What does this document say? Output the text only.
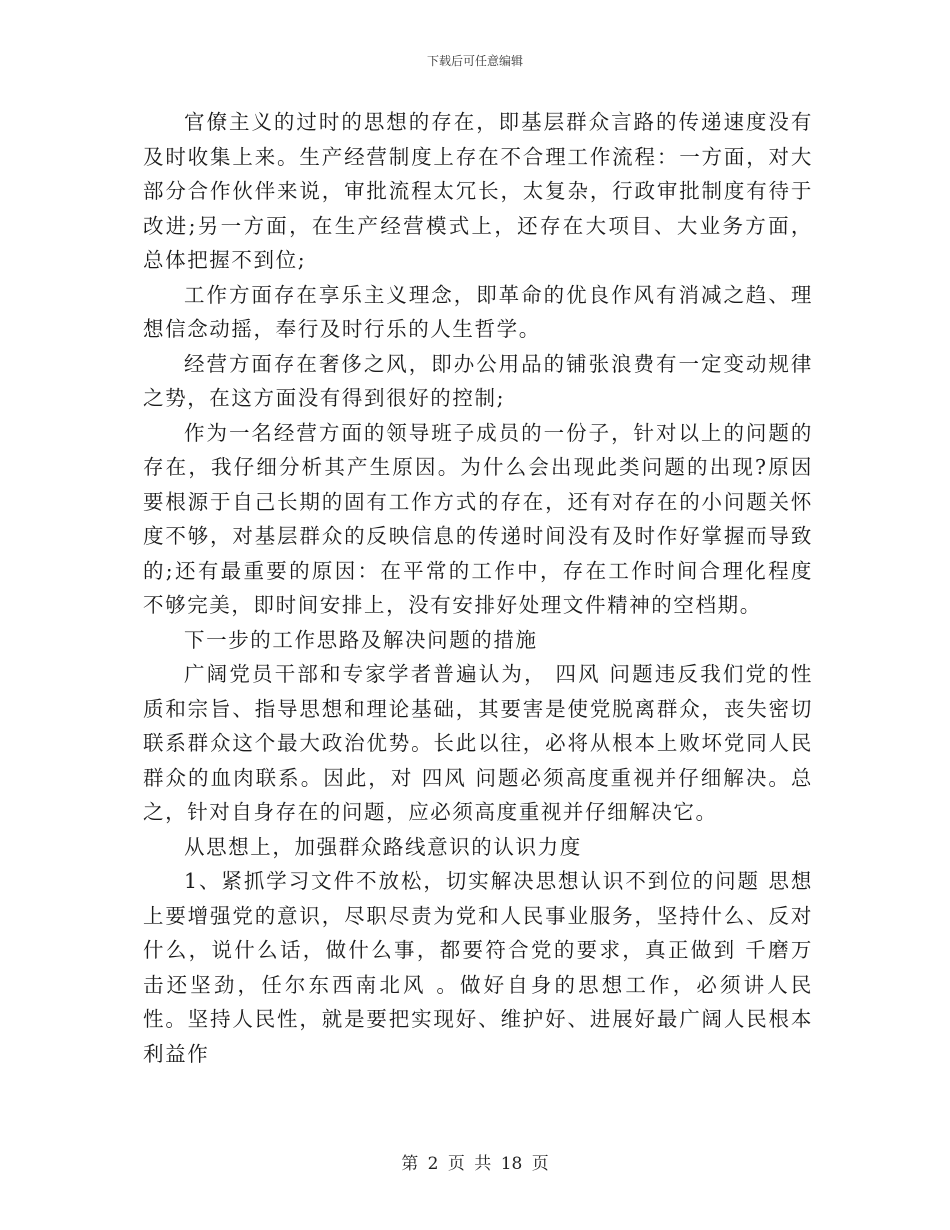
下载后可任意编辑

官僚主义的过时的思想的存在，即基层群众言路的传递速度没有及时收集上来。生产经营制度上存在不合理工作流程：一方面，对大部分合作伙伴来说，审批流程太冗长，太复杂，行政审批制度有待于改进;另一方面，在生产经营模式上，还存在大项目、大业务方面，总体把握不到位;

工作方面存在享乐主义理念，即革命的优良作风有消减之趋、理想信念动摇，奉行及时行乐的人生哲学。

经营方面存在奢侈之风，即办公用品的铺张浪费有一定变动规律之势，在这方面没有得到很好的控制;

作为一名经营方面的领导班子成员的一份子，针对以上的问题的存在，我仔细分析其产生原因。为什么会出现此类问题的出现?原因要根源于自己长期的固有工作方式的存在，还有对存在的小问题关怀度不够，对基层群众的反映信息的传递时间没有及时作好掌握而导致的;还有最重要的原因：在平常的工作中，存在工作时间合理化程度不够完美，即时间安排上，没有安排好处理文件精神的空档期。

下一步的工作思路及解决问题的措施

广阔党员干部和专家学者普遍认为， 四风 问题违反我们党的性质和宗旨、指导思想和理论基础，其要害是使党脱离群众，丧失密切联系群众这个最大政治优势。长此以往，必将从根本上败坏党同人民群众的血肉联系。因此，对 四风 问题必须高度重视并仔细解决。总之，针对自身存在的问题，应必须高度重视并仔细解决它。

从思想上，加强群众路线意识的认识力度

1、紧抓学习文件不放松，切实解决思想认识不到位的问题 思想上要增强党的意识，尽职尽责为党和人民事业服务，坚持什么、反对什么，说什么话，做什么事，都要符合党的要求，真正做到 千磨万击还坚劲，任尔东西南北风 。做好自身的思想工作，必须讲人民性。坚持人民性，就是要把实现好、维护好、进展好最广阔人民根本利益作

第 2 页 共 18 页
